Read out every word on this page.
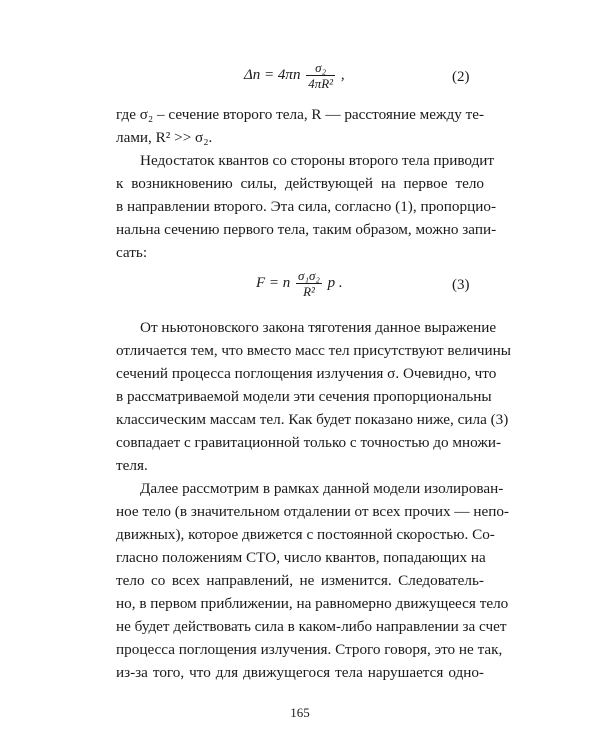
$\Delta n = 4\pi n \frac{\text{σ₂}}{\text{4πR²}}$ ,	(2)
где σ₂ – сечение второго тела, R — расстояние между те-
лами, R² >> σ₂.
Недостаток квантов со стороны второго тела приводит
к возникновению силы, действующей на первое тело
в направлении второго. Эта сила, согласно (1), пропорцио-
нальна сечению первого тела, таким образом, можно запи-
сать:
F = n $\frac{\text{σ₁σ₂}}{\text{R²}}$ p .	(3)
От ньютоновского закона тяготения данное выражение
отличается тем, что вместо масс тел присутствуют величины
сечений процесса поглощения излучения σ. Очевидно, что
в рассматриваемой модели эти сечения пропорциональны
классическим массам тел. Как будет показано ниже, сила (3)
совпадает с гравитационной только с точностью до множи-
теля.
Далее рассмотрим в рамках данной модели изолирован-
ное тело (в значительном отдалении от всех прочих — непо-
движных), которое движется с постоянной скоростью. Со-
гласно положениям СТО, число квантов, попадающих на
тело со всех направлений, не изменится. Следователь-
но, в первом приближении, на равномерно движущееся тело
не будет действовать сила в каком-либо направлении за счет
процесса поглощения излучения. Строго говоря, это не так,
из-за того, что для движущегося тела нарушается одно-
165
